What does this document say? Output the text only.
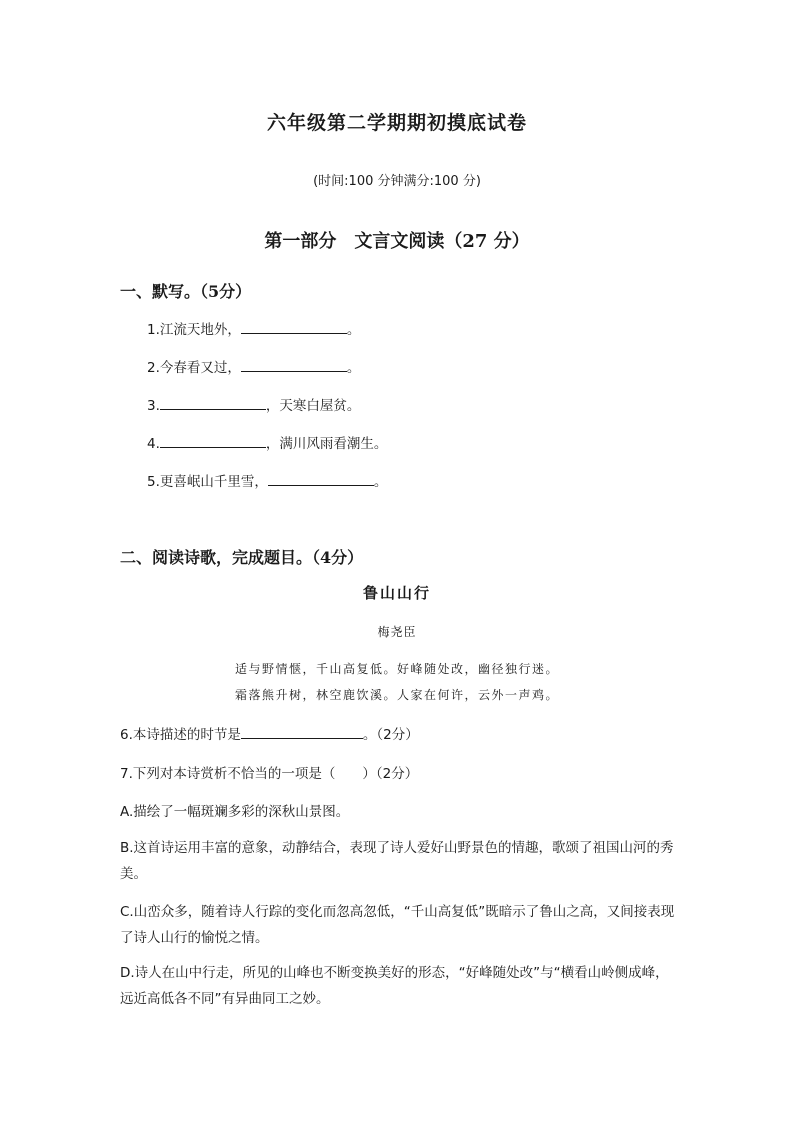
六年级第二学期期初摸底试卷
(时间:100 分钟满分:100 分)
第一部分　文言文阅读（27 分）
一、默写。（5分）
1.江流天地外，	。
2.今春看又过，	。
3.	，天寒白屋贫。
4.	，满川风雨看潮生。
5.更喜岷山千里雪，	。
二、阅读诗歌，完成题目。（4分）
鲁山山行
梅尧臣
适与野情惬，千山高复低。好峰随处改，幽径独行迷。
霜落熊升树，林空鹿饮溪。人家在何许，云外一声鸡。
6.本诗描述的时节是	。（2分）
7.下列对本诗赏析不恰当的一项是（　　）（2分）
A.描绘了一幅斑斓多彩的深秋山景图。
B.这首诗运用丰富的意象，动静结合，表现了诗人爱好山野景色的情趣，歌颂了祖国山河的秀美。
C.山峦众多，随着诗人行踪的变化而忽高忽低，“千山高复低”既暗示了鲁山之高，又间接表现了诗人山行的愉悦之情。
D.诗人在山中行走，所见的山峰也不断变换美好的形态，“好峰随处改”与“横看山岭侧成峰，远近高低各不同”有异曲同工之妙。
